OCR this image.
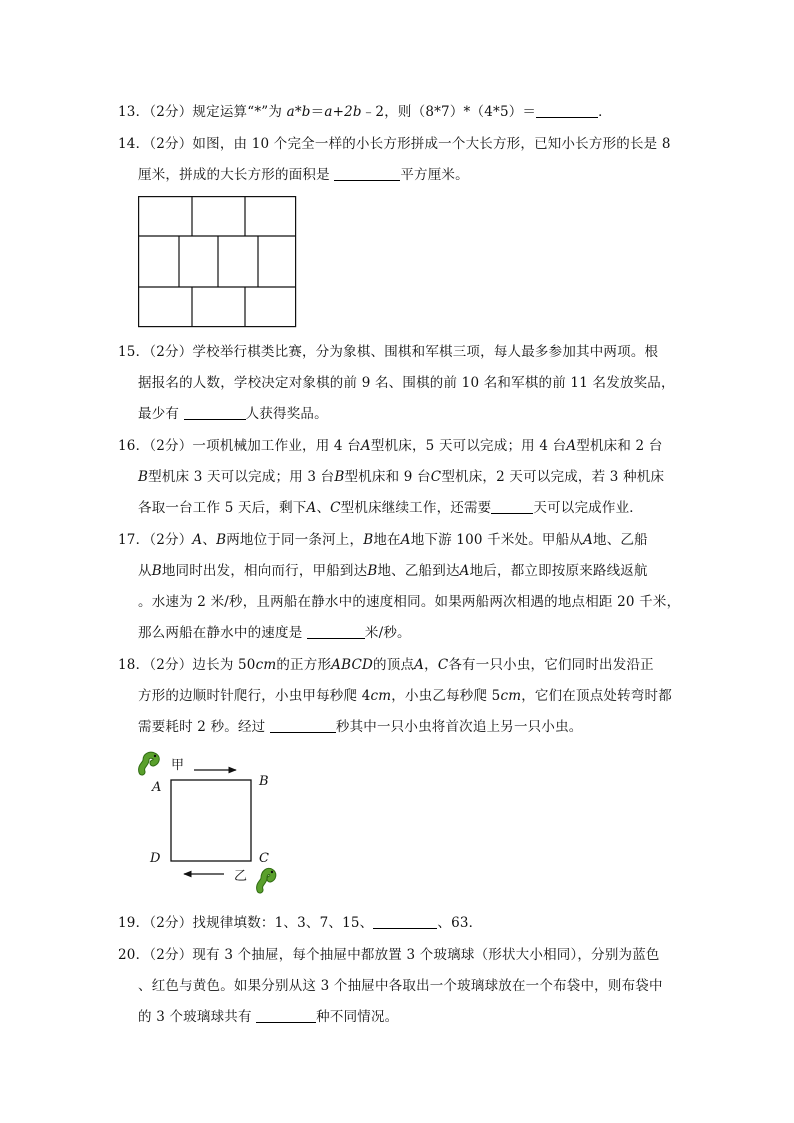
13．（2分）规定运算“*”为 a*b＝a+2b﹣2，则（8*7）*（4*5）＝	．
14．（2分）如图，由 10 个完全一样的小长方形拼成一个大长方形，已知小长方形的长是 8
厘米，拼成的大长方形的面积是	平方厘米。
15．（2分）学校举行棋类比赛，分为象棋、围棋和军棋三项，每人最多参加其中两项。根
据报名的人数，学校决定对象棋的前 9 名、围棋的前 10 名和军棋的前 11 名发放奖品，
最少有	人获得奖品。
16．（2分）一项机械加工作业，用 4 台A型机床，5 天可以完成；用 4 台A型机床和 2 台
B型机床 3 天可以完成；用 3 台B型机床和 9 台C型机床，2 天可以完成，若 3 种机床
各取一台工作 5 天后，剩下A、C型机床继续工作，还需要	天可以完成作业．
17．（2分）A、B两地位于同一条河上，B地在A地下游 100 千米处。甲船从A地、乙船
从B地同时出发，相向而行，甲船到达B地、乙船到达A地后，都立即按原来路线返航
。水速为 2 米/秒，且两船在静水中的速度相同。如果两船两次相遇的地点相距 20 千米，
那么两船在静水中的速度是	米/秒。
18．（2分）边长为 50cm的正方形ABCD的顶点A，C各有一只小虫，它们同时出发沿正
方形的边顺时针爬行，小虫甲每秒爬 4cm，小虫乙每秒爬 5cm，它们在顶点处转弯时都
需要耗时 2 秒。经过	秒其中一只小虫将首次追上另一只小虫。
甲
A	B
D	C
乙
19．（2分）找规律填数：1、3、7、15、	、63．
20．（2分）现有 3 个抽屉，每个抽屉中都放置 3 个玻璃球（形状大小相同），分别为蓝色
、红色与黄色。如果分别从这 3 个抽屉中各取出一个玻璃球放在一个布袋中，则布袋中
的 3 个玻璃球共有	种不同情况。
